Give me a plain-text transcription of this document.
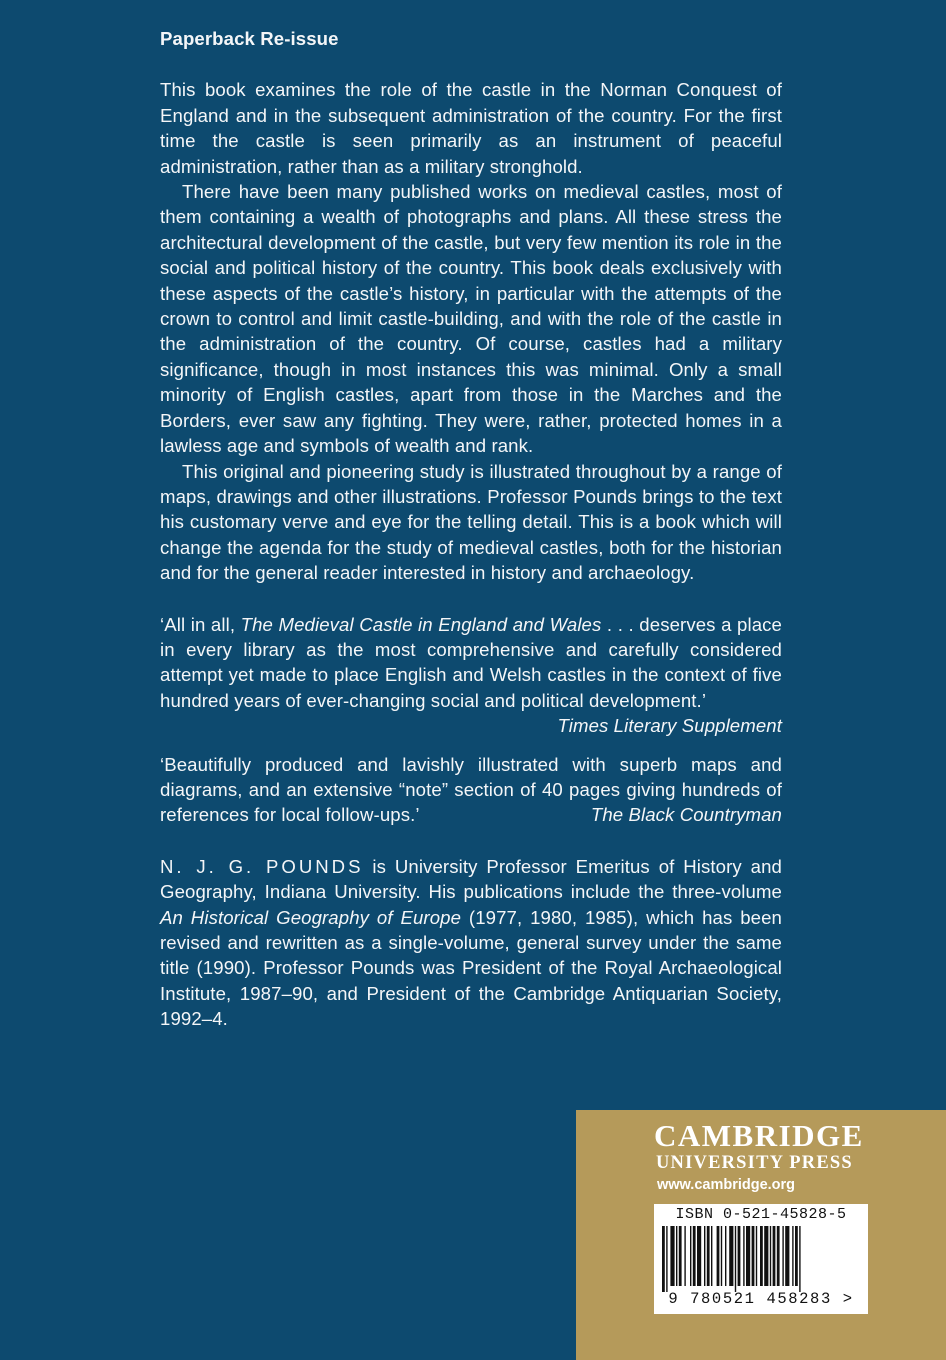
Paperback Re-issue

This book examines the role of the castle in the Norman Conquest of England and in the subsequent administration of the country. For the first time the castle is seen primarily as an instrument of peaceful administration, rather than as a military stronghold.

There have been many published works on medieval castles, most of them containing a wealth of photographs and plans. All these stress the architectural development of the castle, but very few mention its role in the social and political history of the country. This book deals exclusively with these aspects of the castle’s history, in particular with the attempts of the crown to control and limit castle-building, and with the role of the castle in the administration of the country. Of course, castles had a military significance, though in most instances this was minimal. Only a small minority of English castles, apart from those in the Marches and the Borders, ever saw any fighting. They were, rather, protected homes in a lawless age and symbols of wealth and rank.

This original and pioneering study is illustrated throughout by a range of maps, drawings and other illustrations. Professor Pounds brings to the text his customary verve and eye for the telling detail. This is a book which will change the agenda for the study of medieval castles, both for the historian and for the general reader interested in history and archaeology.

‘All in all, The Medieval Castle in England and Wales . . . deserves a place in every library as the most comprehensive and carefully considered attempt yet made to place English and Welsh castles in the context of five hundred years of ever-changing social and political development.’
Times Literary Supplement

‘Beautifully produced and lavishly illustrated with superb maps and diagrams, and an extensive “note” section of 40 pages giving hundreds of references for local follow-ups.’	The Black Countryman

N. J. G. POUNDS is University Professor Emeritus of History and Geography, Indiana University. His publications include the three-volume An Historical Geography of Europe (1977, 1980, 1985), which has been revised and rewritten as a single-volume, general survey under the same title (1990). Professor Pounds was President of the Royal Archaeological Institute, 1987–90, and President of the Cambridge Antiquarian Society, 1992–4.

CAMBRIDGE
UNIVERSITY PRESS
www.cambridge.org
ISBN 0-521-45828-5
9 780521 458283 >
